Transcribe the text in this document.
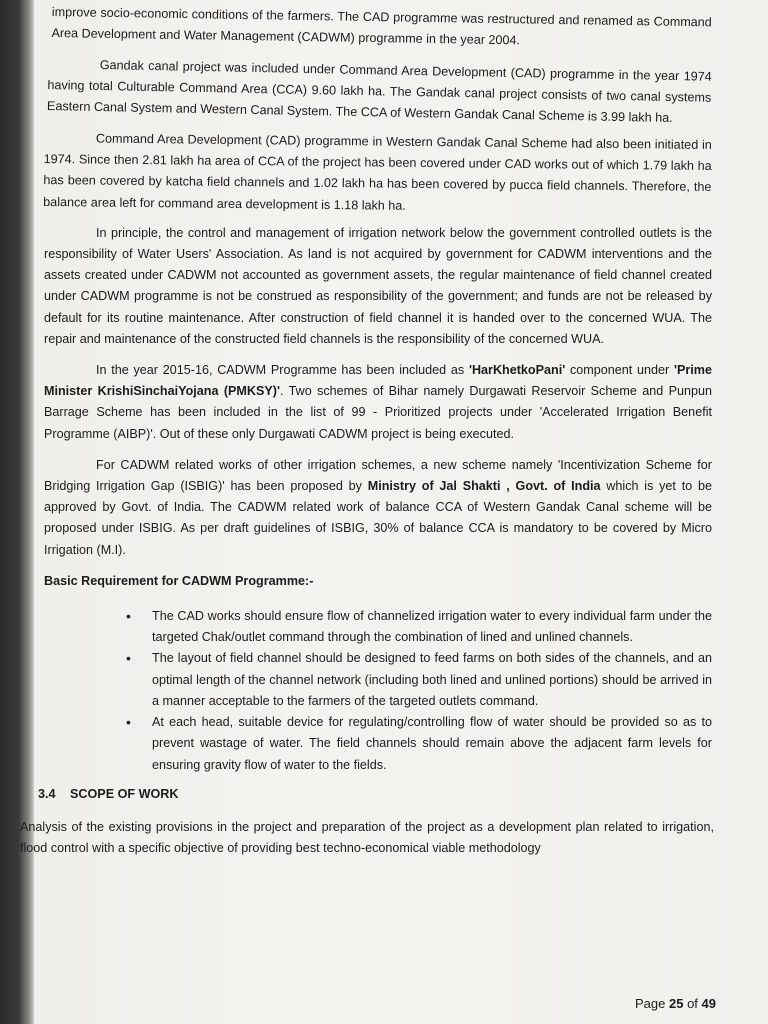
improve socio-economic conditions of the farmers. The CAD programme was restructured and renamed as Command Area Development and Water Management (CADWM) programme in the year 2004.

Gandak canal project was included under Command Area Development (CAD) programme in the year 1974 having total Culturable Command Area (CCA) 9.60 lakh ha. The Gandak canal project consists of two canal systems Eastern Canal System and Western Canal System. The CCA of Western Gandak Canal Scheme is 3.99 lakh ha.

Command Area Development (CAD) programme in Western Gandak Canal Scheme had also been initiated in 1974. Since then 2.81 lakh ha area of CCA of the project has been covered under CAD works out of which 1.79 lakh ha has been covered by katcha field channels and 1.02 lakh ha has been covered by pucca field channels. Therefore, the balance area left for command area development is 1.18 lakh ha.

In principle, the control and management of irrigation network below the government controlled outlets is the responsibility of Water Users' Association. As land is not acquired by government for CADWM interventions and the assets created under CADWM not accounted as government assets, the regular maintenance of field channel created under CADWM programme is not be construed as responsibility of the government; and funds are not be released by default for its routine maintenance. After construction of field channel it is handed over to the concerned WUA. The repair and maintenance of the constructed field channels is the responsibility of the concerned WUA.

In the year 2015-16, CADWM Programme has been included as 'HarKhetkoPani' component under 'Prime Minister KrishiSinchaiYojana (PMKSY)'. Two schemes of Bihar namely Durgawati Reservoir Scheme and Punpun Barrage Scheme has been included in the list of 99 - Prioritized projects under 'Accelerated Irrigation Benefit Programme (AIBP)'. Out of these only Durgawati CADWM project is being executed.

For CADWM related works of other irrigation schemes, a new scheme namely 'Incentivization Scheme for Bridging Irrigation Gap (ISBIG)' has been proposed by Ministry of Jal Shakti , Govt. of India which is yet to be approved by Govt. of India. The CADWM related work of balance CCA of Western Gandak Canal scheme will be proposed under ISBIG. As per draft guidelines of ISBIG, 30% of balance CCA is mandatory to be covered by Micro Irrigation (M.I).

Basic Requirement for CADWM Programme:-
• The CAD works should ensure flow of channelized irrigation water to every individual farm under the targeted Chak/outlet command through the combination of lined and unlined channels.
• The layout of field channel should be designed to feed farms on both sides of the channels, and an optimal length of the channel network (including both lined and unlined portions) should be arrived in a manner acceptable to the farmers of the targeted outlets command.
• At each head, suitable device for regulating/controlling flow of water should be provided so as to prevent wastage of water. The field channels should remain above the adjacent farm levels for ensuring gravity flow of water to the fields.
3.4 SCOPE OF WORK

Analysis of the existing provisions in the project and preparation of the project as a development plan related to irrigation, flood control with a specific objective of providing best techno-economical viable methodology

Page 25 of 49
